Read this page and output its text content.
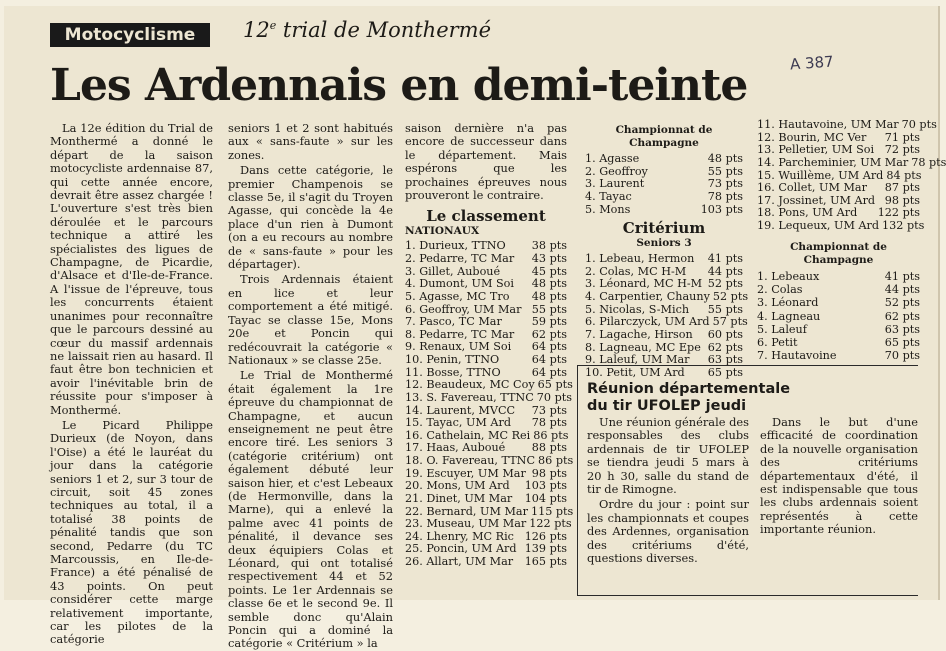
Motocyclisme	12e trial de Monthermé
Les Ardennais en demi-teinte	A 387

La 12e édition du Trial de Monthermé a donné le départ de la saison motocycliste ardennaise 87, qui cette année encore, devrait être assez chargée ! L'ouverture s'est très bien déroulée et le parcours technique a attiré les spécialistes des ligues de Champagne, de Picardie, d'Alsace et d'Ile-de-France. A l'issue de l'épreuve, tous les concurrents étaient unanimes pour reconnaître que le parcours dessiné au cœur du massif ardennais ne laissait rien au hasard. Il faut être bon technicien et avoir l'inévitable brin de réussite pour s'imposer à Monthermé.

Le Picard Philippe Durieux (de Noyon, dans l'Oise) a été le lauréat du jour dans la catégorie seniors 1 et 2, sur 3 tour de circuit, soit 45 zones techniques au total, il a totalisé 38 points de pénalité tandis que son second, Pedarre (du TC Marcoussis, en Ile-de-France) a été pénalisé de 43 points. On peut considérer cette marge relativement importante, car les pilotes de la catégorie

seniors 1 et 2 sont habitués aux « sans-faute » sur les zones.

Dans cette catégorie, le premier Champenois se classe 5e, il s'agit du Troyen Agasse, qui concède la 4e place d'un rien à Dumont (on a eu recours au nombre de « sans-faute » pour les départager).

Trois Ardennais étaient en lice et leur comportement a été mitigé. Tayac se classe 15e, Mons 20e et Poncin qui redécouvrait la catégorie « Nationaux » se classe 25e.

Le Trial de Monthermé était également la 1re épreuve du championnat de Champagne, et aucun enseignement ne peut être encore tiré. Les seniors 3 (catégorie critérium) ont également débuté leur saison hier, et c'est Lebeaux (de Hermonville, dans la Marne), qui a enlevé la palme avec 41 points de pénalité, il devance ses deux équipiers Colas et Léonard, qui ont totalisé respectivement 44 et 52 points. Le 1er Ardennais se classe 6e et le second 9e. Il semble donc qu'Alain Poncin qui a dominé la catégorie « Critérium » la

saison dernière n'a pas encore de successeur dans le département. Mais espérons que les prochaines épreuves nous prouveront le contraire.

Le classement
NATIONAUX
1. Durieux, TTNO	38 pts
2. Pedarre, TC Mar	43 pts
3. Gillet, Auboué	45 pts
4. Dumont, UM Soi	48 pts
5. Agasse, MC Tro	48 pts
6. Geoffroy, UM Mar 55 pts
7. Pasco, TC Mar	59 pts
8. Pedarre, TC Mar	62 pts
9. Renaux, UM Soi	64 pts
10. Penin, TTNO	64 pts
11. Bosse, TTNO	64 pts
12. Beaudeux, MC Coy 65 pts
13. S. Favereau, TTNC 70 pts
14. Laurent, MVCC	73 pts
15. Tayac, UM Ard	78 pts
16. Cathelain, MC Rei 86 pts
17. Haas, Auboué	88 pts
18. O. Favereau, TTNC 86 pts
19. Escuyer, UM Mar 98 pts
20. Mons, UM Ard	103 pts
21. Dinet, UM Mar	104 pts
22. Bernard, UM Mar 115 pts
23. Museau, UM Mar 122 pts
24. Lhenry, MC Ric 126 pts
25. Poncin, UM Ard 139 pts
26. Allart, UM Mar	165 pts
Championnat de Champagne
1. Agasse	48 pts
2. Geoffroy	55 pts
3. Laurent	73 pts
4. Tayac	78 pts
5. Mons	103 pts
Critérium
Seniors 3
1. Lebeau, Hermon	41 pts
2. Colas, MC H-M	44 pts
3. Léonard, MC H-M 52 pts
4. Carpentier, Chauny 52 pts
5. Nicolas, S-Mich	55 pts
6. Pilarczyck, UM Ard 57 pts
7. Lagache, Hirson	60 pts
8. Lagneau, MC Epe 62 pts
9. Laleuf, UM Mar	63 pts
10. Petit, UM Ard	65 pts
11. Hautavoine, UM Mar 70 pts
12. Bourin, MC Ver	71 pts
13. Pelletier, UM Soi 72 pts
14. Parcheminier, UM Mar 78 pts
15. Wuillème, UM Ard 84 pts
16. Collet, UM Mar	87 pts
17. Jossinet, UM Ard 98 pts
18. Pons, UM Ard	122 pts
19. Lequeux, UM Ard 132 pts
Championnat de Champagne
1. Lebeaux	41 pts
2. Colas	44 pts
3. Léonard	52 pts
4. Lagneau	62 pts
5. Laleuf	63 pts
6. Petit	65 pts
7. Hautavoine	70 pts
Réunion départementale
du tir UFOLEP jeudi

Une réunion générale des responsables des clubs ardennais de tir UFOLEP se tiendra jeudi 5 mars à 20 h 30, salle du stand de tir de Rimogne.

Ordre du jour : point sur les championnats et coupes des Ardennes, organisation des critériums d'été, questions diverses.

Dans le but d'une efficacité de coordination de la nouvelle organisation des critériums départementaux d'été, il est indispensable que tous les clubs ardennais soient représentés à cette importante réunion.
